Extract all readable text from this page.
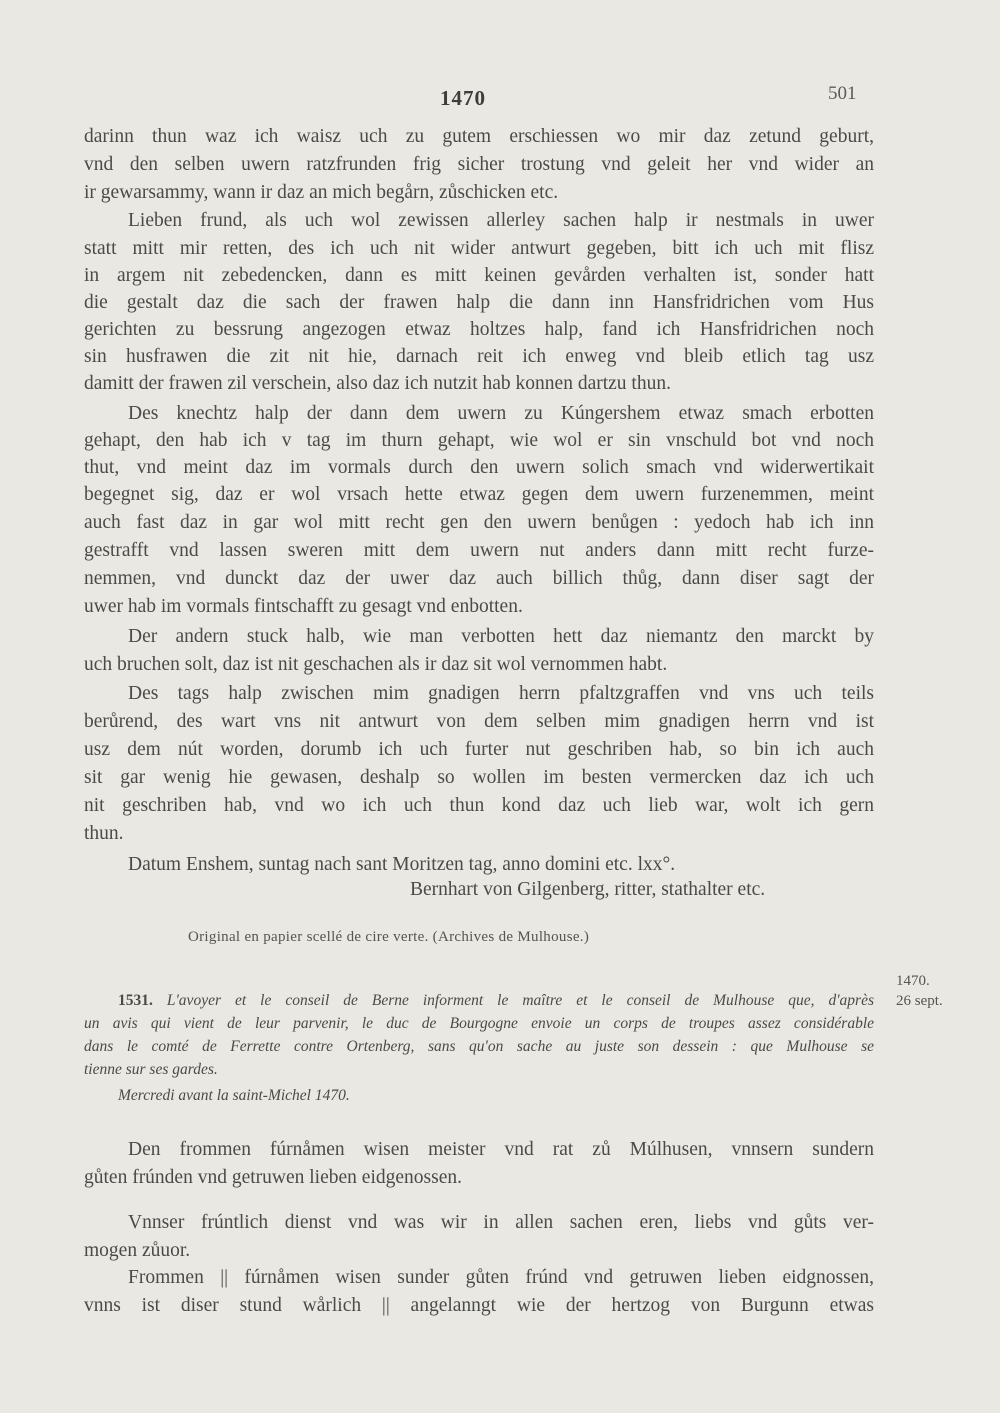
1470	501
darinn thun waz ich waisz uch zu gutem erschiessen wo mir daz zetund geburt,
vnd den selben uwern ratzfrunden frig sicher trostung vnd geleit her vnd wider an
ir gewarsammy, wann ir daz an mich begårn, zůschicken etc.
Lieben frund, als uch wol zewissen allerley sachen halp ir nestmals in uwer
statt mitt mir retten, des ich uch nit wider antwurt gegeben, bitt ich uch mit flisz
in argem nit zebedencken, dann es mitt keinen gevården verhalten ist, sonder hatt
die gestalt daz die sach der frawen halp die dann inn Hansfridrichen vom Hus
gerichten zu bessrung angezogen etwaz holtzes halp, fand ich Hansfridrichen noch
sin husfrawen die zit nit hie, darnach reit ich enweg vnd bleib etlich tag usz
damitt der frawen zil verschein, also daz ich nutzit hab konnen dartzu thun.
Des knechtz halp der dann dem uwern zu Kúngershem etwaz smach erbotten
gehapt, den hab ich v tag im thurn gehapt, wie wol er sin vnschuld bot vnd noch
thut, vnd meint daz im vormals durch den uwern solich smach vnd widerwertikait
begegnet sig, daz er wol vrsach hette etwaz gegen dem uwern furzenemmen, meint
auch fast daz in gar wol mitt recht gen den uwern benůgen : yedoch hab ich inn
gestrafft vnd lassen sweren mitt dem uwern nut anders dann mitt recht furze-
nemmen, vnd dunckt daz der uwer daz auch billich thůg, dann diser sagt der
uwer hab im vormals fintschafft zu gesagt vnd enbotten.
Der andern stuck halb, wie man verbotten hett daz niemantz den marckt by
uch bruchen solt, daz ist nit geschachen als ir daz sit wol vernommen habt.
Des tags halp zwischen mim gnadigen herrn pfaltzgraffen vnd vns uch teils
berůrend, des wart vns nit antwurt von dem selben mim gnadigen herrn vnd ist
usz dem nút worden, dorumb ich uch furter nut geschriben hab, so bin ich auch
sit gar wenig hie gewasen, deshalp so wollen im besten vermercken daz ich uch
nit geschriben hab, vnd wo ich uch thun kond daz uch lieb war, wolt ich gern
thun.
Datum Enshem, suntag nach sant Moritzen tag, anno domini etc. lxx°.
Bernhart von Gilgenberg, ritter, stathalter etc.
Original en papier scellé de cire verte. (Archives de Mulhouse.)
1531. L'avoyer et le conseil de Berne informent le maître et le conseil de Mulhouse que, d'après
un avis qui vient de leur parvenir, le duc de Bourgogne envoie un corps de troupes assez considérable
dans le comté de Ferrette contre Ortenberg, sans qu'on sache au juste son dessein : que Mulhouse se
tienne sur ses gardes.
Mercredi avant la saint-Michel 1470.
1470.
26 sept.
Den frommen fúrnåmen wisen meister vnd rat zů Múlhusen, vnnsern sundern
gůten frúnden vnd getruwen lieben eidgenossen.
Vnnser frúntlich dienst vnd was wir in allen sachen eren, liebs vnd gůts ver-
mogen zůuor.
Frommen || fúrnåmen wisen sunder gůten frúnd vnd getruwen lieben eidgnossen,
vnns ist diser stund wårlich || angelanngt wie der hertzog von Burgunn etwas
